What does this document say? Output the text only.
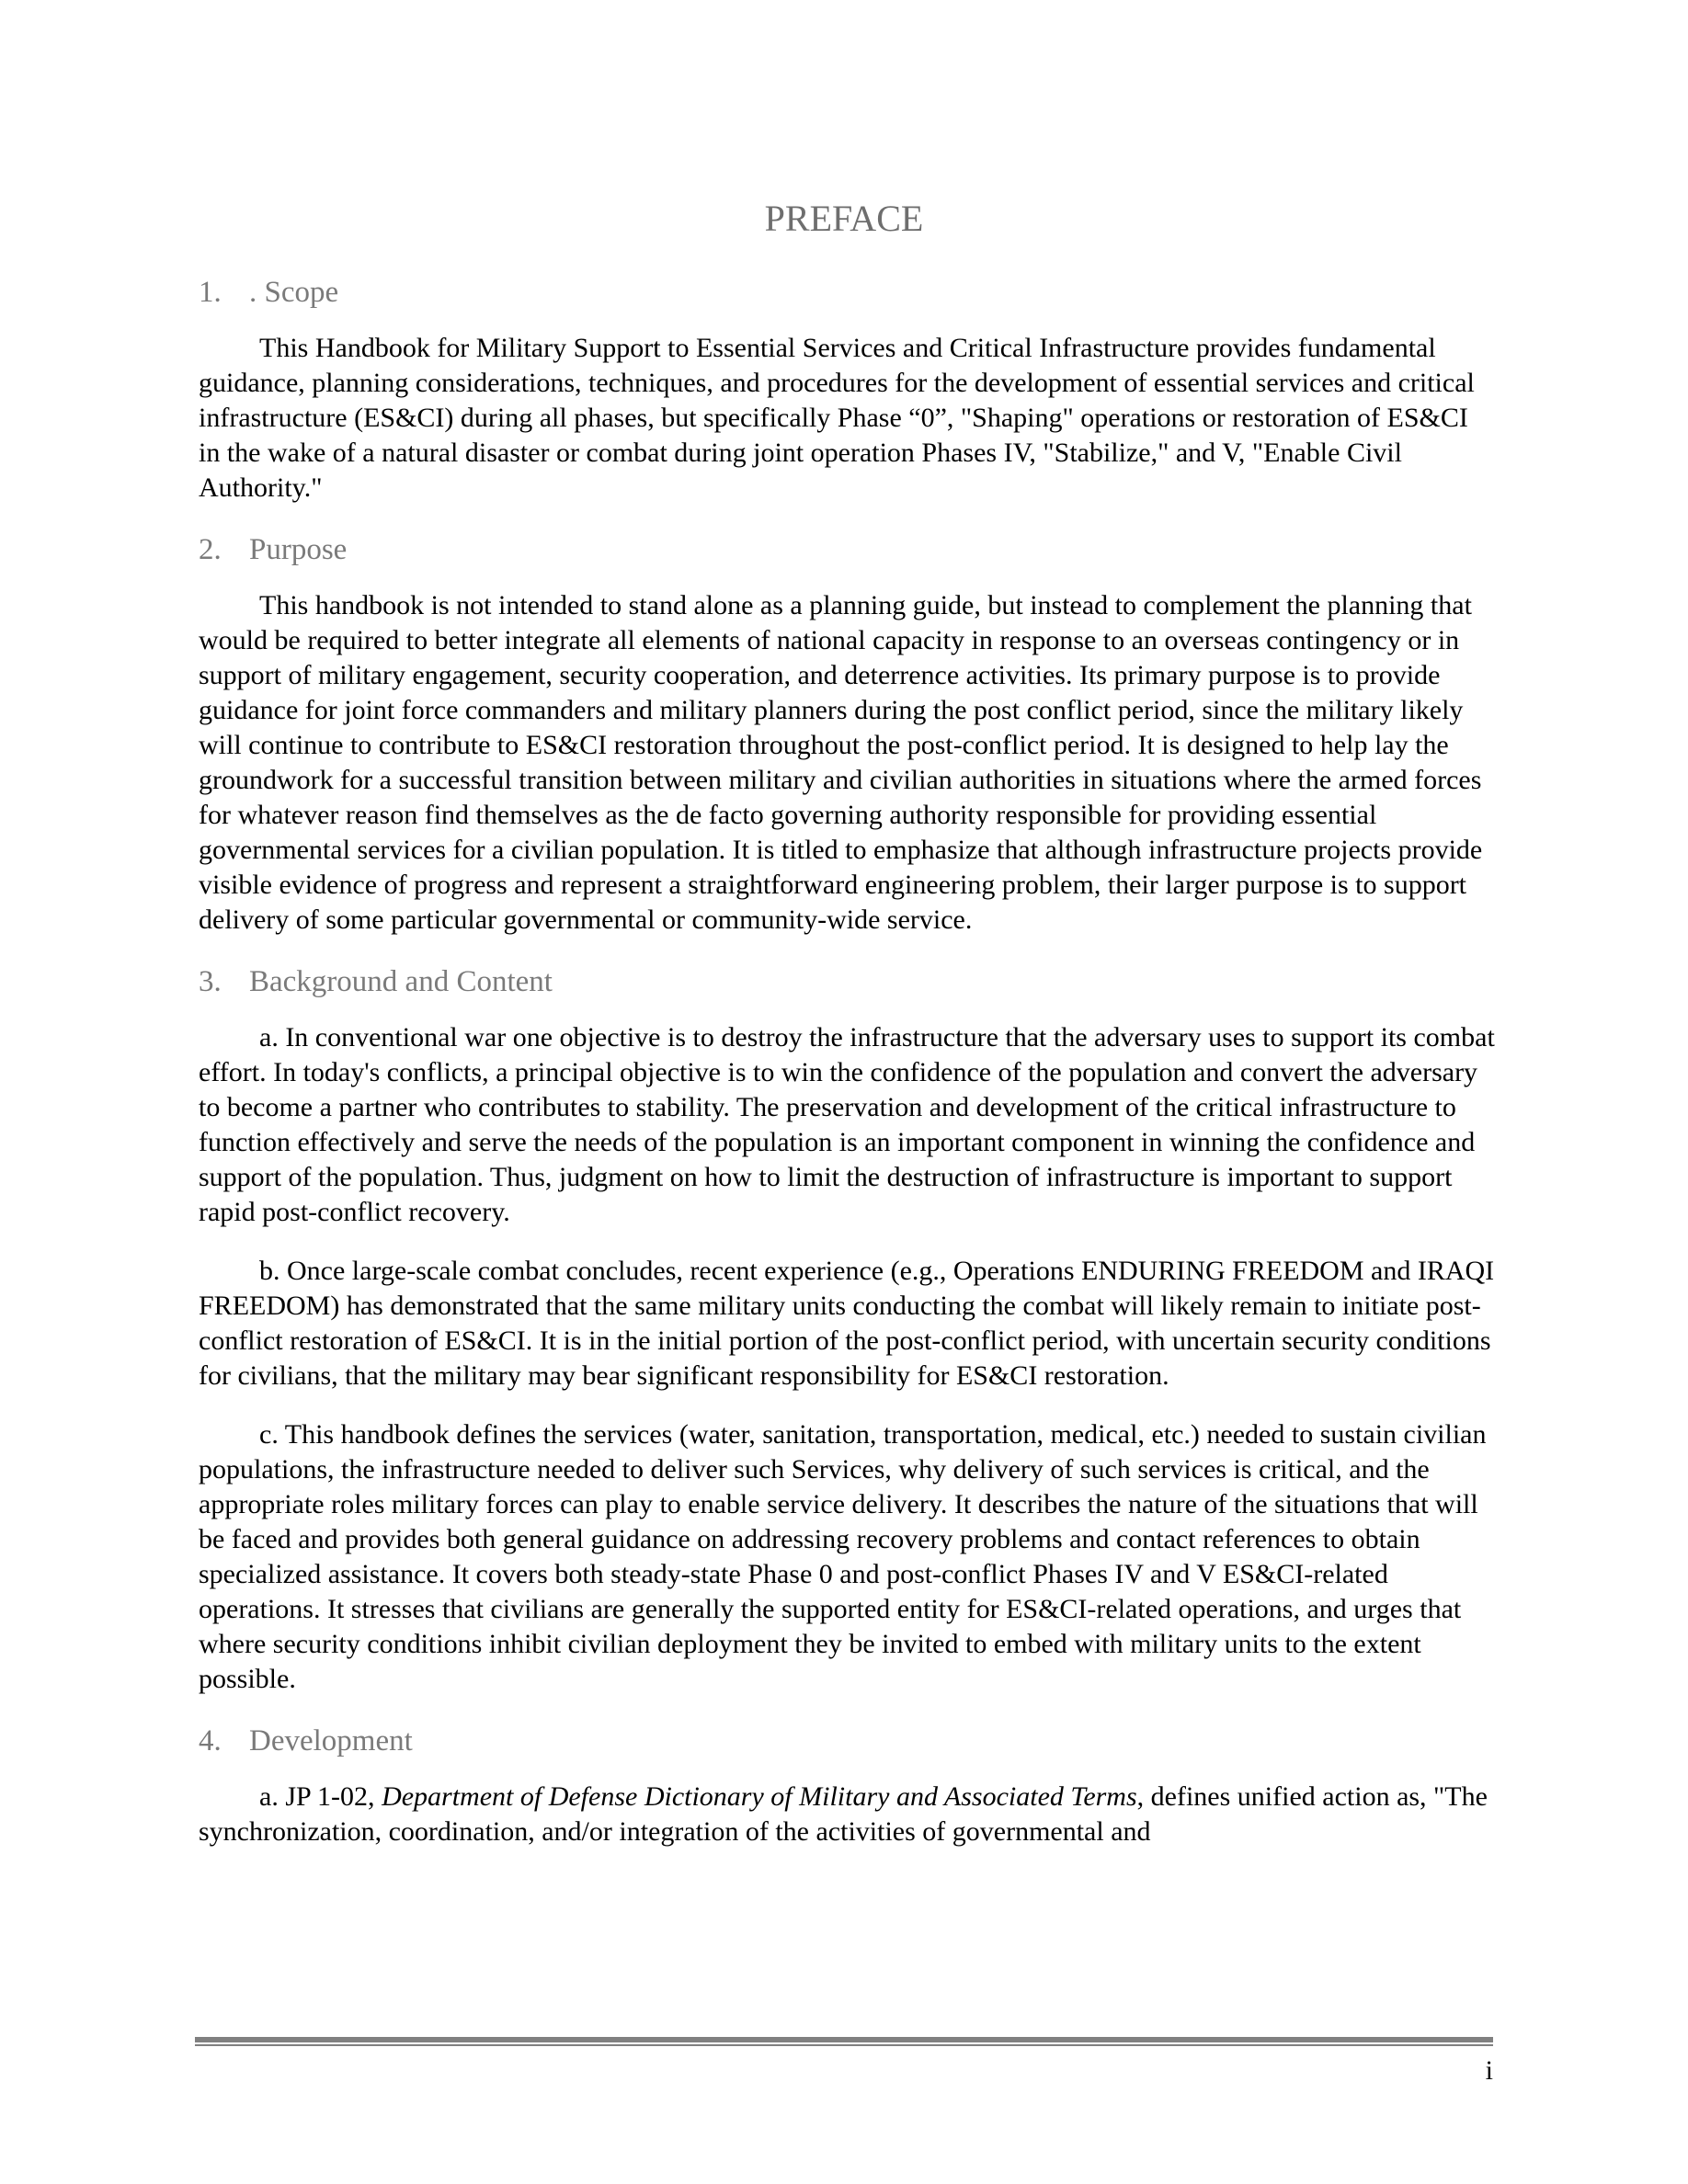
PREFACE
1. . Scope

This Handbook for Military Support to Essential Services and Critical Infrastructure provides fundamental guidance, planning considerations, techniques, and procedures for the development of essential services and critical infrastructure (ES&CI) during all phases, but specifically Phase “0”, "Shaping" operations or restoration of ES&CI in the wake of a natural disaster or combat during joint operation Phases IV, "Stabilize," and V, "Enable Civil Authority."

2. Purpose

This handbook is not intended to stand alone as a planning guide, but instead to complement the planning that would be required to better integrate all elements of national capacity in response to an overseas contingency or in support of military engagement, security cooperation, and deterrence activities. Its primary purpose is to provide guidance for joint force commanders and military planners during the post conflict period, since the military likely will continue to contribute to ES&CI restoration throughout the post-conflict period. It is designed to help lay the groundwork for a successful transition between military and civilian authorities in situations where the armed forces for whatever reason find themselves as the de facto governing authority responsible for providing essential governmental services for a civilian population. It is titled to emphasize that although infrastructure projects provide visible evidence of progress and represent a straightforward engineering problem, their larger purpose is to support delivery of some particular governmental or community-wide service.

3. Background and Content

a. In conventional war one objective is to destroy the infrastructure that the adversary uses to support its combat effort. In today's conflicts, a principal objective is to win the confidence of the population and convert the adversary to become a partner who contributes to stability. The preservation and development of the critical infrastructure to function effectively and serve the needs of the population is an important component in winning the confidence and support of the population. Thus, judgment on how to limit the destruction of infrastructure is important to support rapid post-conflict recovery.

b. Once large-scale combat concludes, recent experience (e.g., Operations ENDURING FREEDOM and IRAQI FREEDOM) has demonstrated that the same military units conducting the combat will likely remain to initiate post-conflict restoration of ES&CI. It is in the initial portion of the post-conflict period, with uncertain security conditions for civilians, that the military may bear significant responsibility for ES&CI restoration.

c. This handbook defines the services (water, sanitation, transportation, medical, etc.) needed to sustain civilian populations, the infrastructure needed to deliver such Services, why delivery of such services is critical, and the appropriate roles military forces can play to enable service delivery. It describes the nature of the situations that will be faced and provides both general guidance on addressing recovery problems and contact references to obtain specialized assistance. It covers both steady-state Phase 0 and post-conflict Phases IV and V ES&CI-related operations. It stresses that civilians are generally the supported entity for ES&CI-related operations, and urges that where security conditions inhibit civilian deployment they be invited to embed with military units to the extent possible.

4. Development

a. JP 1-02, Department of Defense Dictionary of Military and Associated Terms, defines unified action as, "The synchronization, coordination, and/or integration of the activities of governmental and

i
